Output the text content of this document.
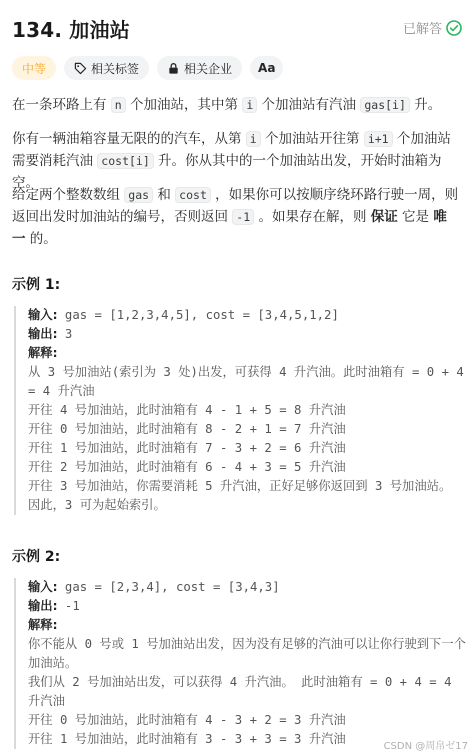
134. 加油站	已解答
中等	相关标签	相关企业 Aa
在一条环路上有 n 个加油站，其中第 i 个加油站有汽油 gas[i] 升。
你有一辆油箱容量无限的的汽车，从第 i 个加油站开往第 i+1 个加油站需要消耗汽油 cost[i] 升。你从其中的一个加油站出发，开始时油箱为空。
给定两个整数数组 gas 和 cost ，如果你可以按顺序绕环路行驶一周，则返回出发时加油站的编号，否则返回 -1 。如果存在解，则 保证 它是 唯一 的。
示例 1:
输入: gas = [1,2,3,4,5], cost = [3,4,5,1,2]
输出: 3
解释:
从 3 号加油站(索引为 3 处)出发，可获得 4 升汽油。此时油箱有 = 0 + 4 = 4 升汽油
开往 4 号加油站，此时油箱有 4 - 1 + 5 = 8 升汽油
开往 0 号加油站，此时油箱有 8 - 2 + 1 = 7 升汽油
开往 1 号加油站，此时油箱有 7 - 3 + 2 = 6 升汽油
开往 2 号加油站，此时油箱有 6 - 4 + 3 = 5 升汽油
开往 3 号加油站，你需要消耗 5 升汽油，正好足够你返回到 3 号加油站。
因此，3 可为起始索引。
示例 2:
输入: gas = [2,3,4], cost = [3,4,3]
输出: -1
解释:
你不能从 0 号或 1 号加油站出发，因为没有足够的汽油可以让你行驶到下一个加油站。
我们从 2 号加油站出发，可以获得 4 升汽油。 此时油箱有 = 0 + 4 = 4 升汽油
开往 0 号加油站，此时油箱有 4 - 3 + 2 = 3 升汽油
开往 1 号加油站，此时油箱有 3 - 3 + 3 = 3 升汽油
CSDN @周帛ゼ17
